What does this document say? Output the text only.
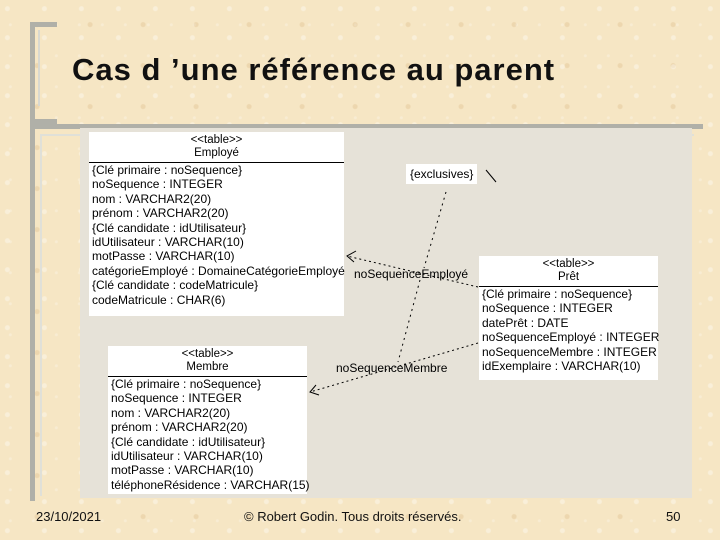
Cas d ’une référence au parent
<<table>>
Employé
{Clé primaire : noSequence}
noSequence : INTEGER
nom : VARCHAR2(20)
prénom : VARCHAR2(20)
{Clé candidate : idUtilisateur}
idUtilisateur : VARCHAR(10)
motPasse : VARCHAR(10)
catégorieEmployé : DomaineCatégorieEmployé
{Clé candidate : codeMatricule}
codeMatricule : CHAR(6)
<<table>>
Membre
{Clé primaire : noSequence}
noSequence : INTEGER
nom : VARCHAR2(20)
prénom : VARCHAR2(20)
{Clé candidate : idUtilisateur}
idUtilisateur : VARCHAR(10)
motPasse : VARCHAR(10)
téléphoneRésidence : VARCHAR(15)
<<table>>
Prêt
{Clé primaire : noSequence}
noSequence : INTEGER
datePrêt : DATE
noSequenceEmployé : INTEGER
noSequenceMembre : INTEGER
idExemplaire : VARCHAR(10)
{exclusives}
noSequenceEmployé
noSequenceMembre
23/10/2021	© Robert Godin. Tous droits réservés.	50
